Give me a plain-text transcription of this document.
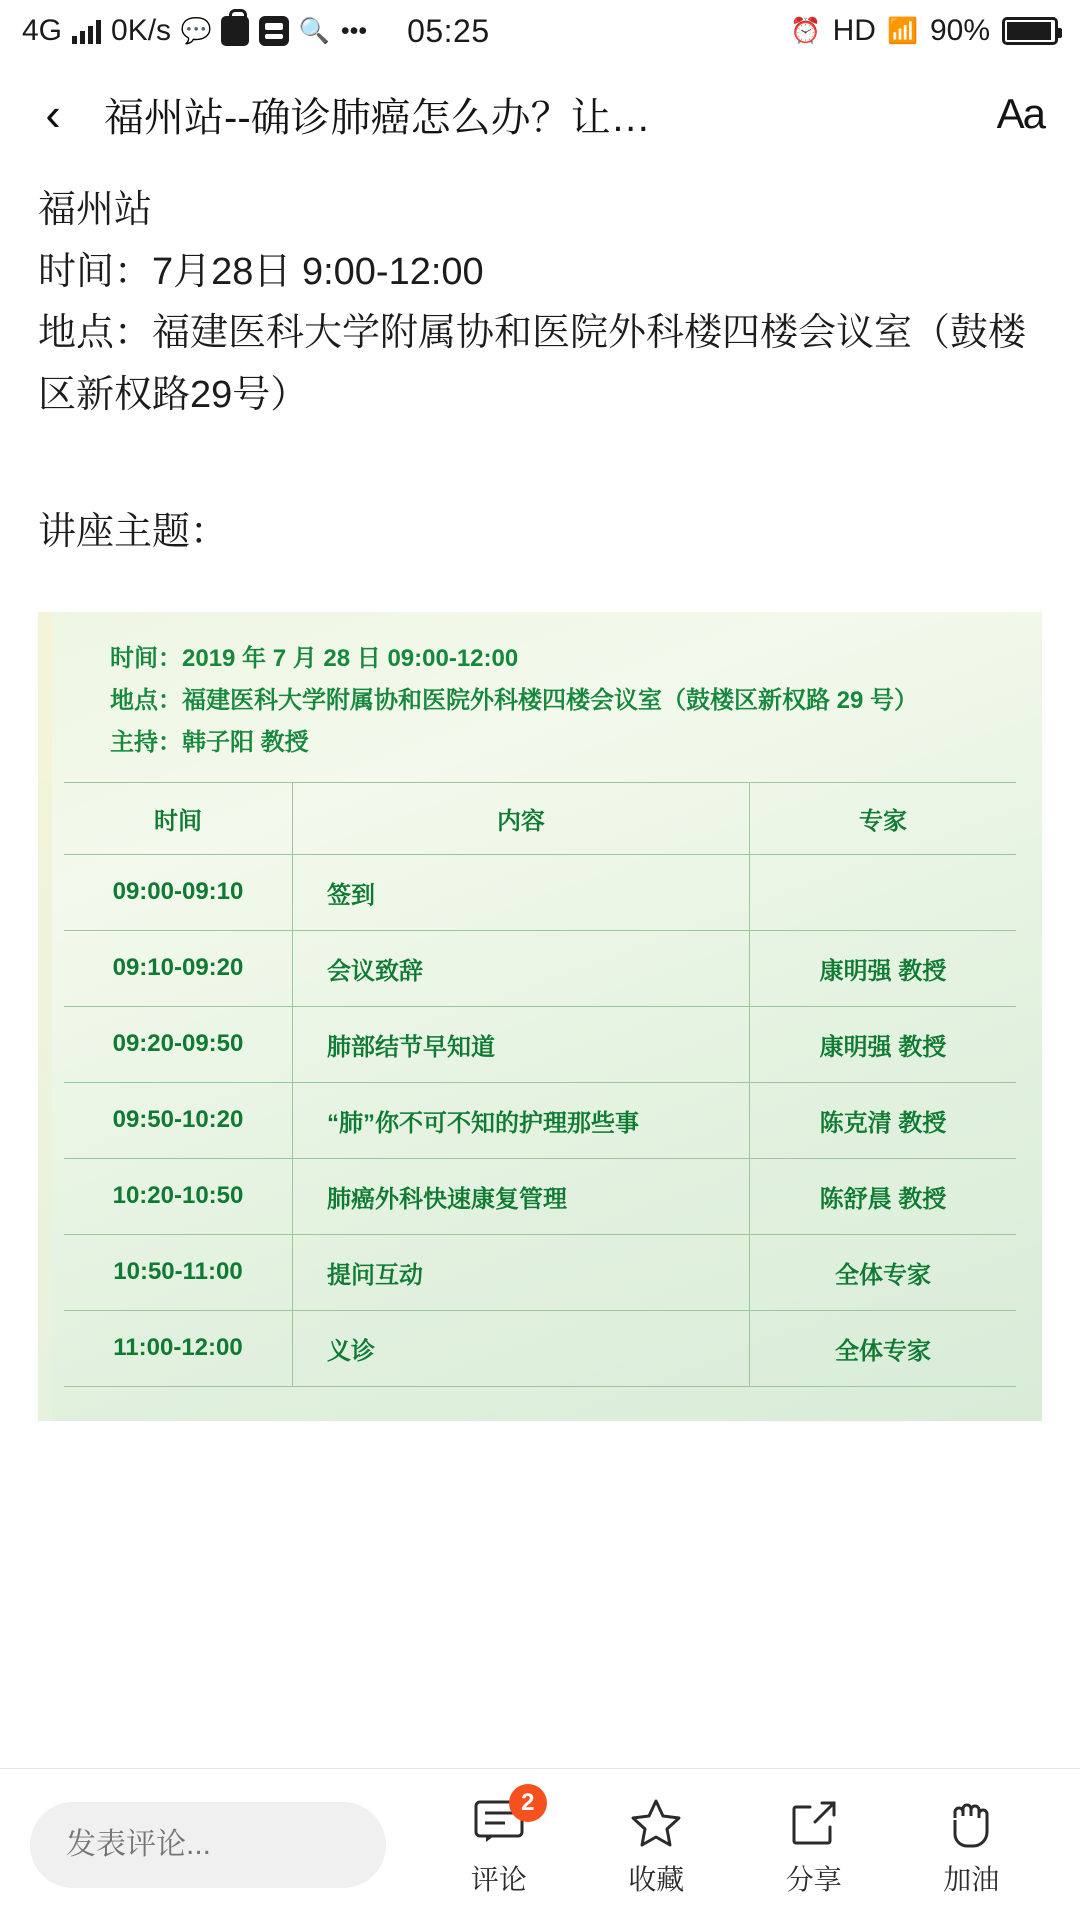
4G 0K/s 💬	🔍 ••• 05:25	⏰ HD 📶 90%
‹	福州站--确诊肺癌怎么办？让…	Aa

福州站

时间：7月28日 9:00-12:00

地点：福建医科大学附属协和医院外科楼四楼会议室（鼓楼区新权路29号）

讲座主题：

时间：2019 年 7 月 28 日 09:00-12:00
地点：福建医科大学附属协和医院外科楼四楼会议室（鼓楼区新权路 29 号）
主持：韩子阳 教授
时间	内容	专家
09:00-09:10	签到	
09:10-09:20	会议致辞	康明强 教授
09:20-09:50	肺部结节早知道	康明强 教授
09:50-10:20	“肺”你不可不知的护理那些事	陈克清 教授
10:20-10:50	肺癌外科快速康复管理	陈舒晨 教授
10:50-11:00	提问互动	全体专家
11:00-12:00	义诊	全体专家
发表评论...
2
评论	收藏	分享	加油
